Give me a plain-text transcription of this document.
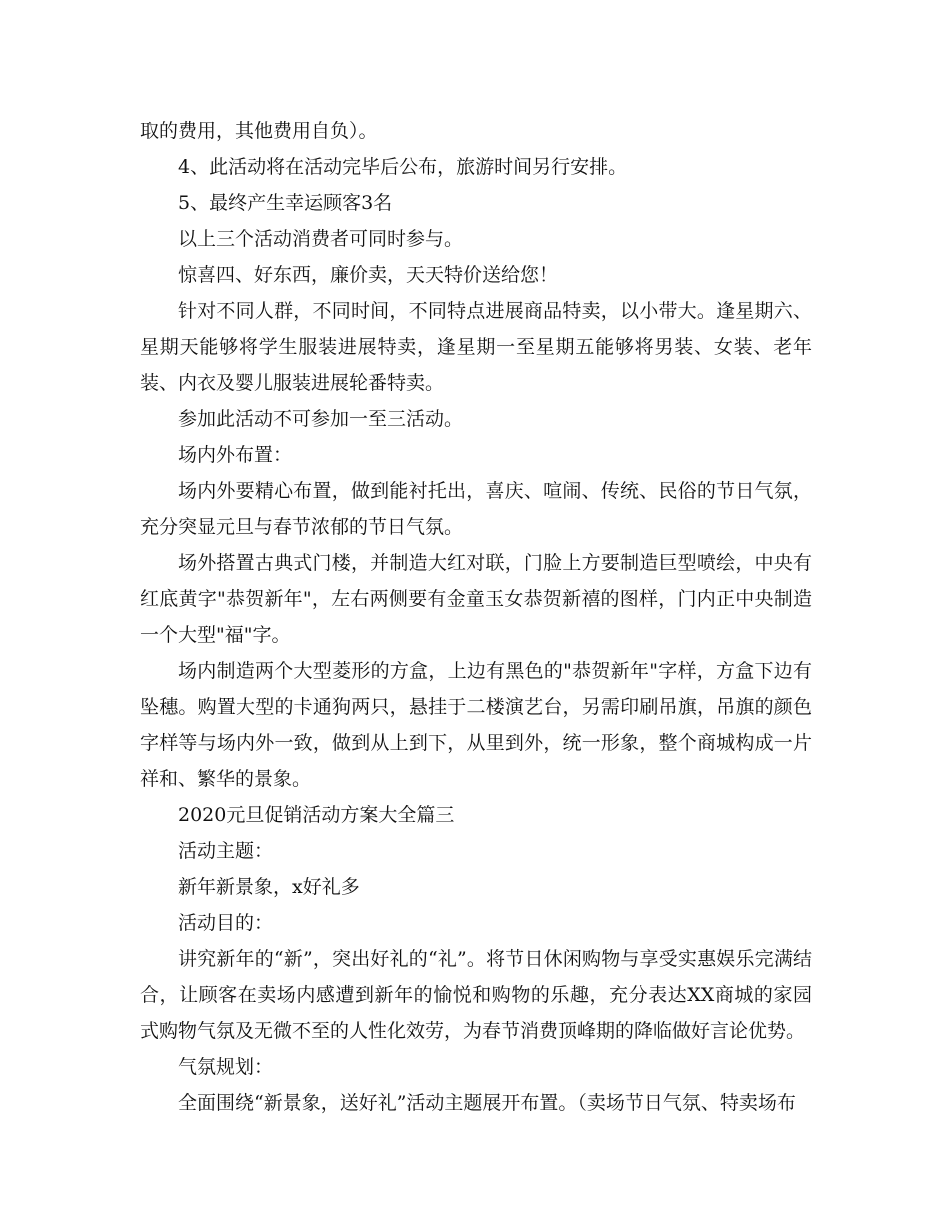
取的费用，其他费用自负）。

4、此活动将在活动完毕后公布，旅游时间另行安排。

5、最终产生幸运顾客3名

以上三个活动消费者可同时参与。

惊喜四、好东西，廉价卖，天天特价送给您！

针对不同人群，不同时间，不同特点进展商品特卖，以小带大。逢星期六、星期天能够将学生服装进展特卖，逢星期一至星期五能够将男装、女装、老年装、内衣及婴儿服装进展轮番特卖。

参加此活动不可参加一至三活动。

场内外布置：

场内外要精心布置，做到能衬托出，喜庆、喧闹、传统、民俗的节日气氛，充分突显元旦与春节浓郁的节日气氛。

场外搭置古典式门楼，并制造大红对联，门脸上方要制造巨型喷绘，中央有红底黄字"恭贺新年"，左右两侧要有金童玉女恭贺新禧的图样，门内正中央制造一个大型"福"字。

场内制造两个大型菱形的方盒，上边有黑色的"恭贺新年"字样，方盒下边有坠穗。购置大型的卡通狗两只，悬挂于二楼演艺台，另需印刷吊旗，吊旗的颜色字样等与场内外一致，做到从上到下，从里到外，统一形象，整个商城构成一片祥和、繁华的景象。

2020元旦促销活动方案大全篇三

活动主题：

新年新景象，x好礼多

活动目的：

讲究新年的“新”，突出好礼的“礼”。将节日休闲购物与享受实惠娱乐完满结合，让顾客在卖场内感遭到新年的愉悦和购物的乐趣，充分表达XX商城的家园式购物气氛及无微不至的人性化效劳，为春节消费顶峰期的降临做好言论优势。

气氛规划：

全面围绕“新景象，送好礼”活动主题展开布置。（卖场节日气氛、特卖场布
